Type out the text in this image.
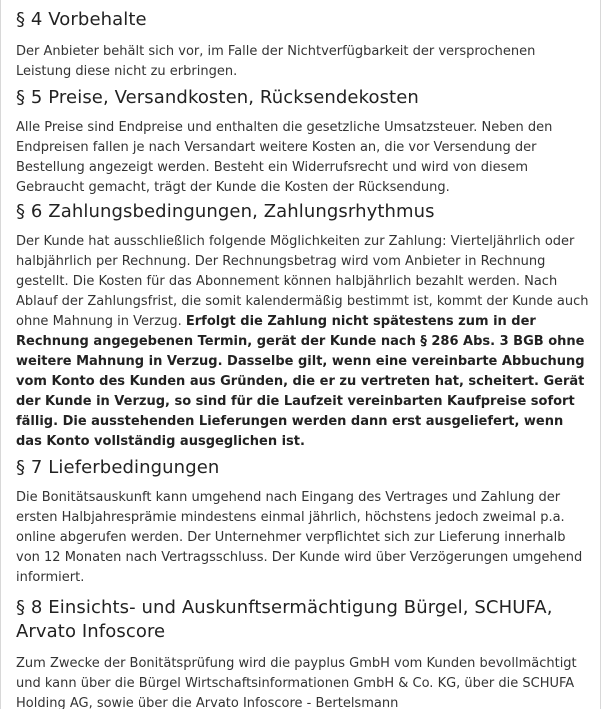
§ 4 Vorbehalte

Der Anbieter behält sich vor, im Falle der Nichtverfügbarkeit der versprochenen Leistung diese nicht zu erbringen.

§ 5 Preise, Versandkosten, Rücksendekosten

Alle Preise sind Endpreise und enthalten die gesetzliche Umsatzsteuer. Neben den Endpreisen fallen je nach Versandart weitere Kosten an, die vor Versendung der Bestellung angezeigt werden. Besteht ein Widerrufsrecht und wird von diesem Gebraucht gemacht, trägt der Kunde die Kosten der Rücksendung.

§ 6 Zahlungsbedingungen, Zahlungsrhythmus

Der Kunde hat ausschließlich folgende Möglichkeiten zur Zahlung: Vierteljährlich oder halbjährlich per Rechnung. Der Rechnungsbetrag wird vom Anbieter in Rechnung gestellt. Die Kosten für das Abonnement können halbjährlich bezahlt werden. Nach Ablauf der Zahlungsfrist, die somit kalendermäßig bestimmt ist, kommt der Kunde auch ohne Mahnung in Verzug. Erfolgt die Zahlung nicht spätestens zum in der Rechnung angegebenen Termin, gerät der Kunde nach § 286 Abs. 3 BGB ohne weitere Mahnung in Verzug. Dasselbe gilt, wenn eine vereinbarte Abbuchung vom Konto des Kunden aus Gründen, die er zu vertreten hat, scheitert. Gerät der Kunde in Verzug, so sind für die Laufzeit vereinbarten Kaufpreise sofort fällig. Die ausstehenden Lieferungen werden dann erst ausgeliefert, wenn das Konto vollständig ausgeglichen ist.

§ 7 Lieferbedingungen

Die Bonitätsauskunft kann umgehend nach Eingang des Vertrages und Zahlung der ersten Halbjahresprämie mindestens einmal jährlich, höchstens jedoch zweimal p.a. online abgerufen werden. Der Unternehmer verpflichtet sich zur Lieferung innerhalb von 12 Monaten nach Vertragsschluss. Der Kunde wird über Verzögerungen umgehend informiert.

§ 8 Einsichts- und Auskunftsermächtigung Bürgel, SCHUFA, Arvato Infoscore

Zum Zwecke der Bonitätsprüfung wird die payplus GmbH vom Kunden bevollmächtigt und kann über die Bürgel Wirtschaftsinformationen GmbH & Co. KG, über die SCHUFA Holding AG, sowie über die Arvato Infoscore - Bertelsmann
